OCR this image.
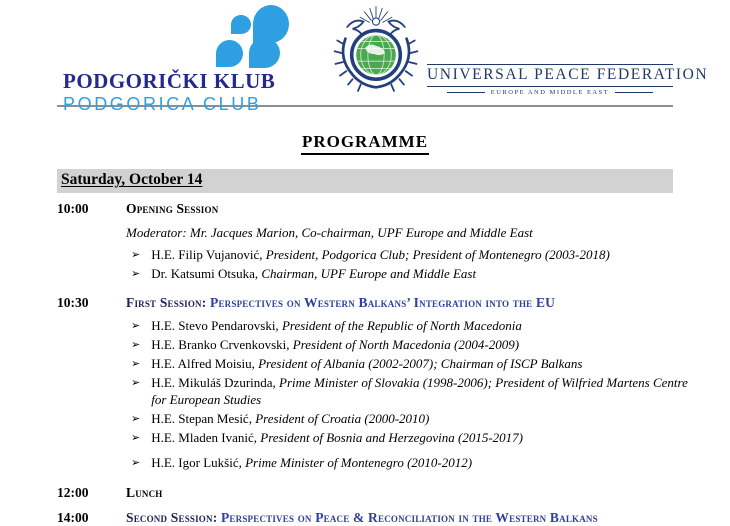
PODGORIČKI KLUB
PODGORICA CLUB
UNIVERSAL PEACE FEDERATION
EUROPE AND MIDDLE EAST
PROGRAMME
Saturday, October 14
10:00	Opening Session
Moderator: Mr. Jacques Marion, Co-chairman, UPF Europe and Middle East
➢ H.E. Filip Vujanović, President, Podgorica Club; President of Montenegro (2003-2018)
➢ Dr. Katsumi Otsuka, Chairman, UPF Europe and Middle East
10:30	First Session: Perspectives on Western Balkans’ Integration into the EU
➢ H.E. Stevo Pendarovski, President of the Republic of North Macedonia
➢ H.E. Branko Crvenkovski, President of North Macedonia (2004-2009)
➢ H.E. Alfred Moisiu, President of Albania (2002-2007); Chairman of ISCP Balkans
➢ H.E. Mikuláš Dzurinda, Prime Minister of Slovakia (1998-2006); President of Wilfried Martens Centre for European Studies
➢ H.E. Stepan Mesić, President of Croatia (2000-2010)
➢ H.E. Mladen Ivanić, President of Bosnia and Herzegovina (2015-2017)
➢ H.E. Igor Lukšić, Prime Minister of Montenegro (2010-2012)
12:00	Lunch
14:00	Second Session: Perspectives on Peace & Reconciliation in the Western Balkans
